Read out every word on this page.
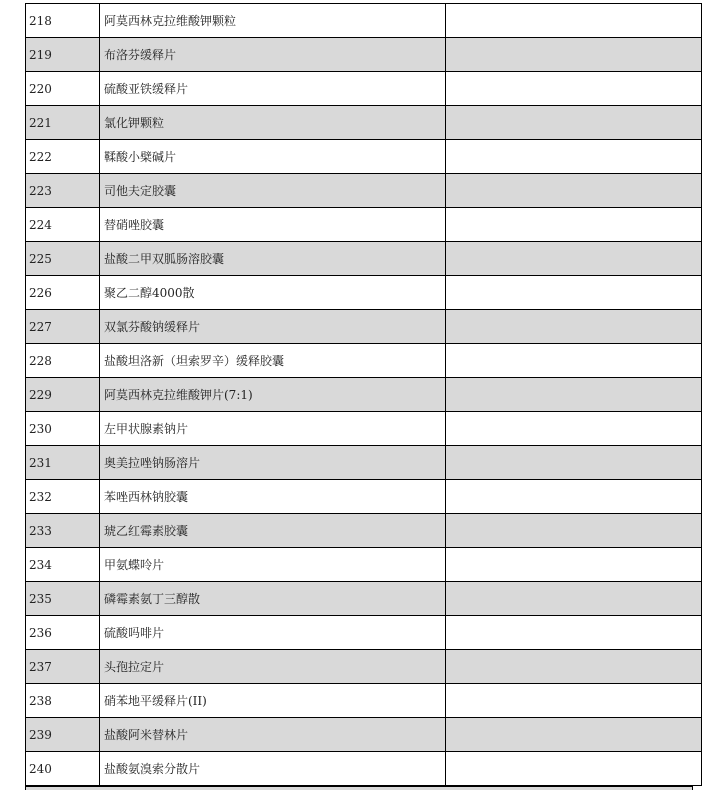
218	阿莫西林克拉维酸钾颗粒		
219	布洛芬缓释片		
220	硫酸亚铁缓释片		
221	氯化钾颗粒		
222	鞣酸小檗碱片		
223	司他夫定胶囊		
224	替硝唑胶囊		
225	盐酸二甲双胍肠溶胶囊		
226	聚乙二醇4000散		
227	双氯芬酸钠缓释片		
228	盐酸坦洛新（坦索罗辛）缓释胶囊		
229	阿莫西林克拉维酸钾片(7:1)		
230	左甲状腺素钠片		
231	奥美拉唑钠肠溶片		
232	苯唑西林钠胶囊		
233	琥乙红霉素胶囊		
234	甲氨蝶呤片		
235	磷霉素氨丁三醇散		
236	硫酸吗啡片		
237	头孢拉定片		
238	硝苯地平缓释片(II)		
239	盐酸阿米替林片		
240	盐酸氨溴索分散片		
